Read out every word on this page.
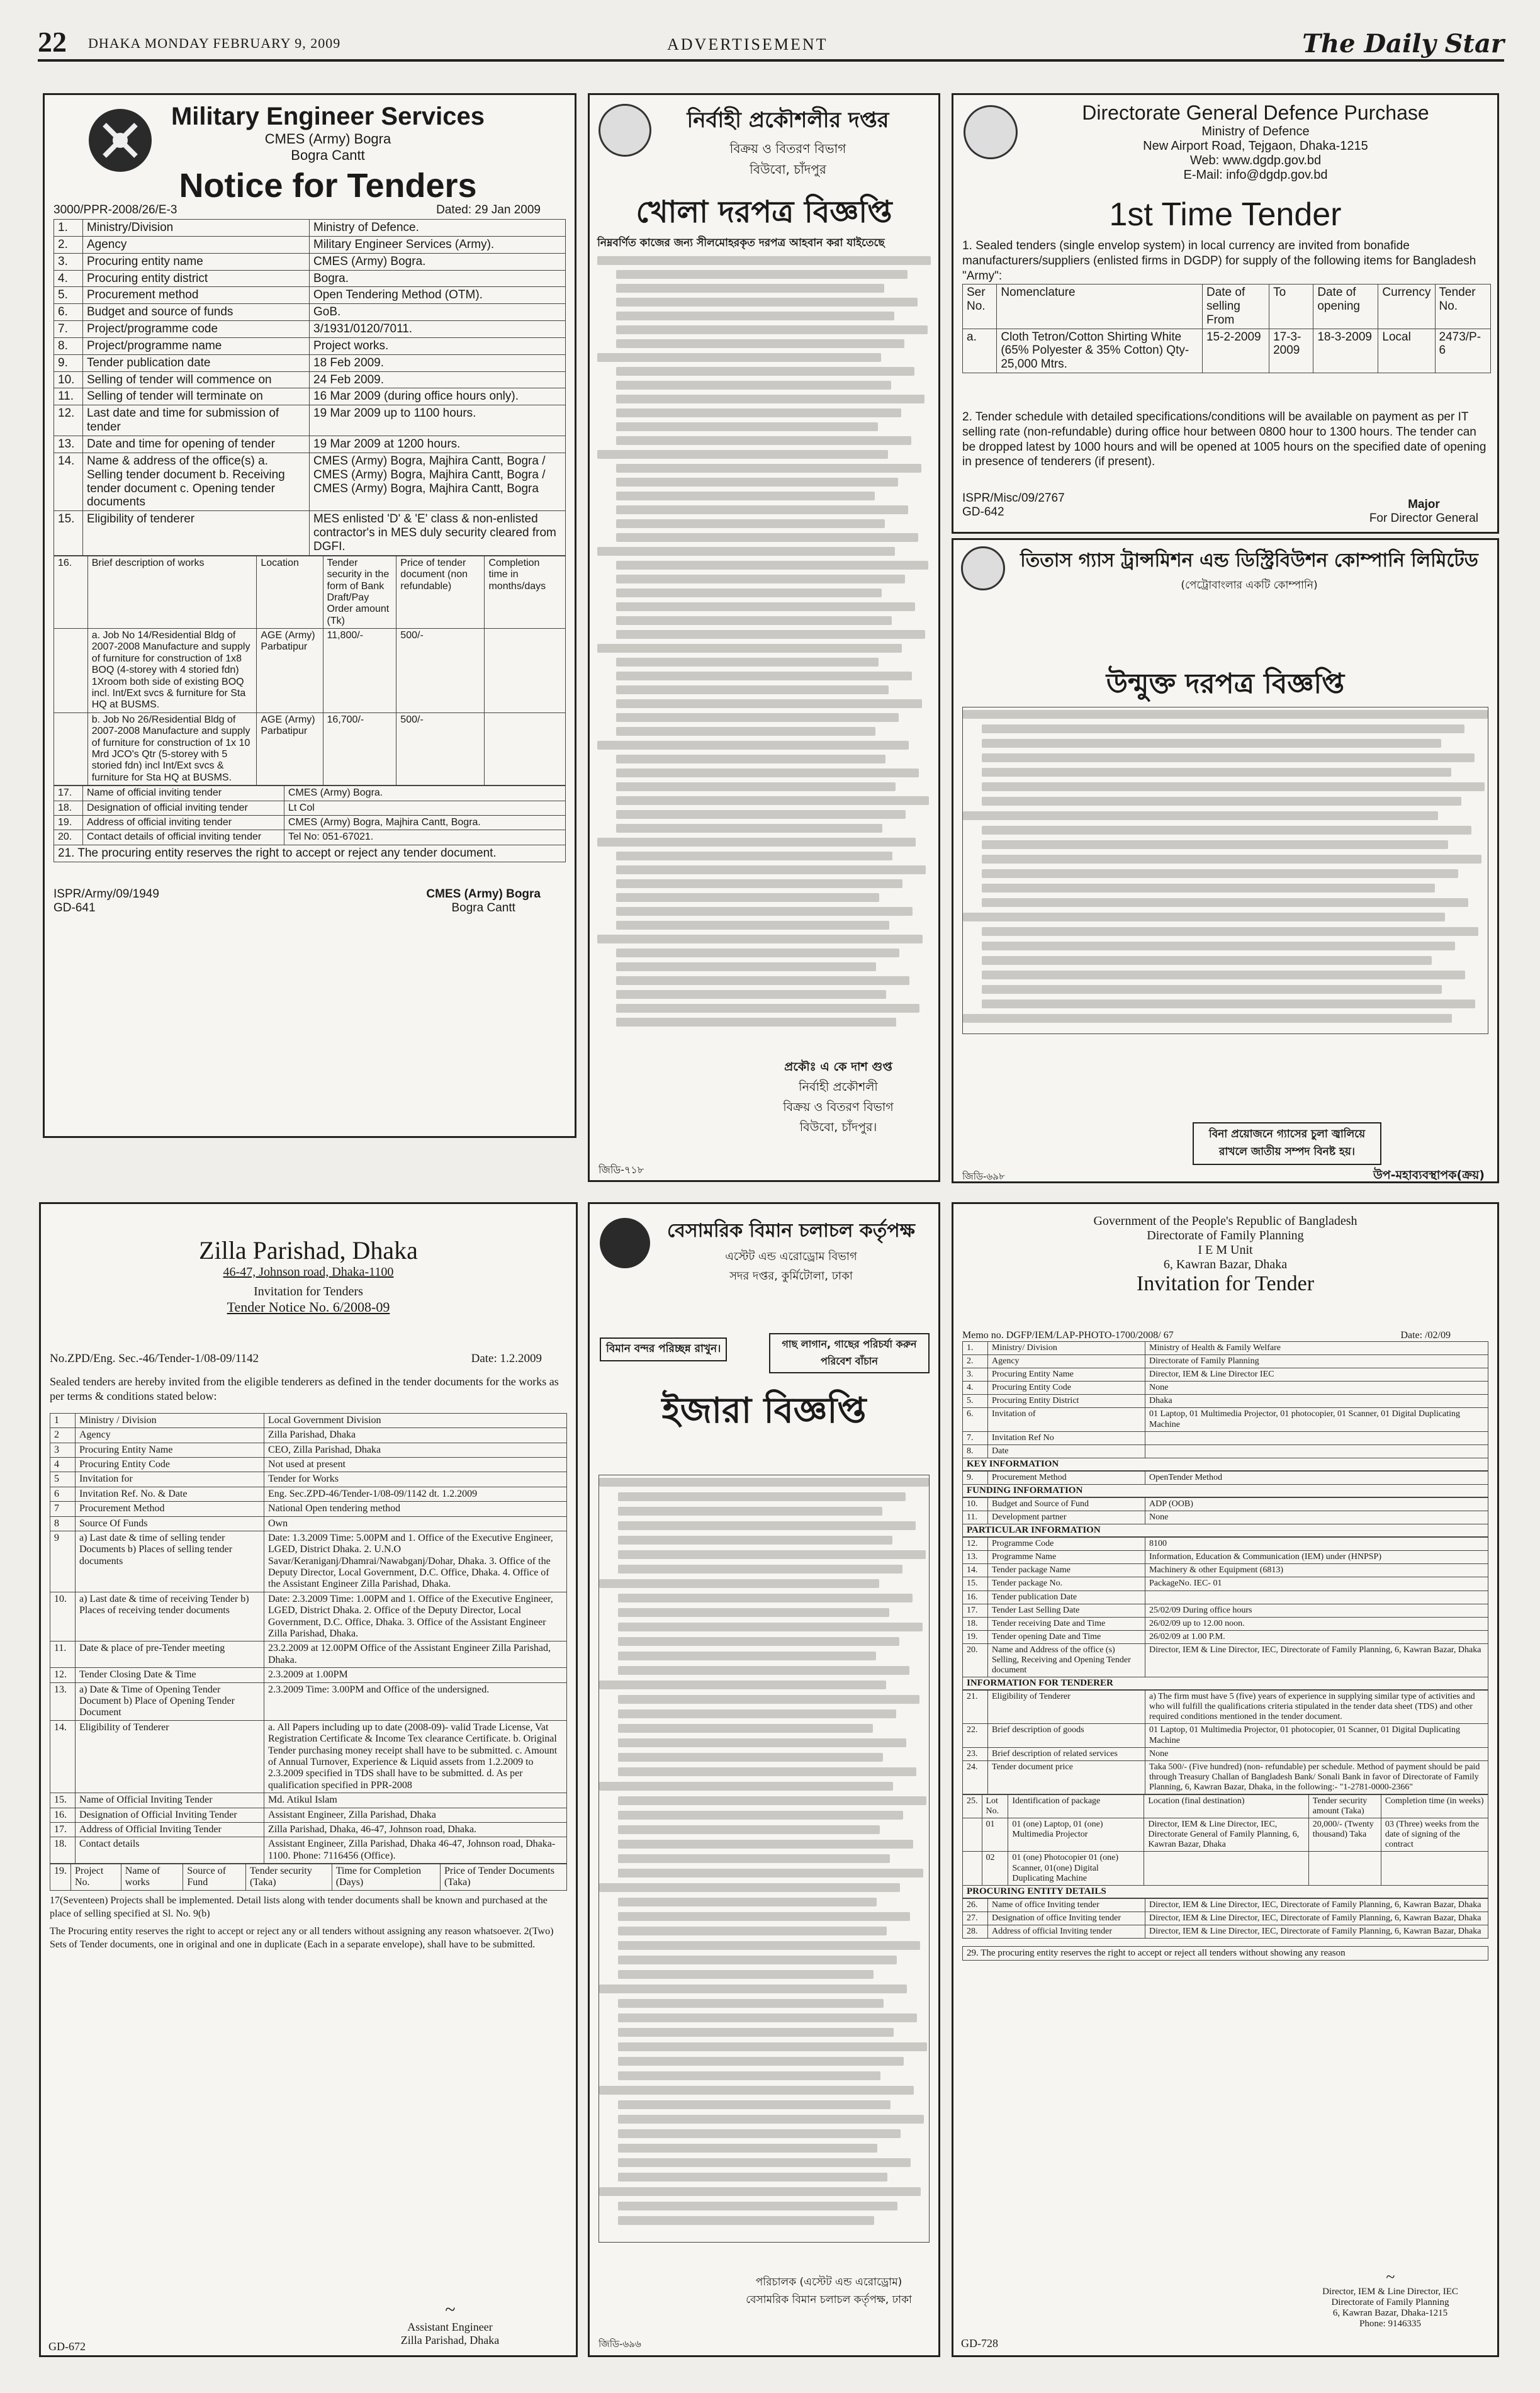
22 DHAKA MONDAY FEBRUARY 9, 2009	ADVERTISEMENT	The Daily Star
Military Engineer Services
CMES (Army) Bogra
Bogra Cantt
Notice for Tenders
3000/PPR-2008/26/E-3	Dated: 29 Jan 2009
1.	Ministry/Division	Ministry of Defence.
2.	Agency	Military Engineer Services (Army).
3.	Procuring entity name	CMES (Army) Bogra.
4.	Procuring entity district	Bogra.
5.	Procurement method	Open Tendering Method (OTM).
6.	Budget and source of funds	GoB.
7.	Project/programme code	3/1931/0120/7011.
8.	Project/programme name	Project works.
9.	Tender publication date	18 Feb 2009.
10.	Selling of tender will commence on	24 Feb 2009.
11.	Selling of tender will terminate on	16 Mar 2009 (during office hours only).
12.	Last date and time for submission of tender	19 Mar 2009 up to 1100 hours.
13.	Date and time for opening of tender	19 Mar 2009 at 1200 hours.
14.	Name & address of the office(s) a. Selling tender document b. Receiving tender document c. Opening tender documents	CMES (Army) Bogra, Majhira Cantt, Bogra / CMES (Army) Bogra, Majhira Cantt, Bogra / CMES (Army) Bogra, Majhira Cantt, Bogra
15.	Eligibility of tenderer	MES enlisted 'D' & 'E' class & non-enlisted contractor's in MES duly security cleared from DGFI.
16.	Brief description of works	Location	Tender security in the form of Bank Draft/Pay Order amount (Tk)	Price of tender document (non refundable)	Completion time in months/days
	a. Job No 14/Residential Bldg of 2007-2008 Manufacture and supply of furniture for construction of 1x8 BOQ (4-storey with 4 storied fdn) 1Xroom both side of existing BOQ incl. Int/Ext svcs & furniture for Sta HQ at BUSMS.	AGE (Army) Parbatipur	11,800/-	500/-	
	b. Job No 26/Residential Bldg of 2007-2008 Manufacture and supply of furniture for construction of 1x 10 Mrd JCO's Qtr (5-storey with 5 storied fdn) incl Int/Ext svcs & furniture for Sta HQ at BUSMS.	AGE (Army) Parbatipur	16,700/-	500/-	
17.	Name of official inviting tender	CMES (Army) Bogra.
18.	Designation of official inviting tender	Lt Col
19.	Address of official inviting tender	CMES (Army) Bogra, Majhira Cantt, Bogra.
20.	Contact details of official inviting tender	Tel No: 051-67021.
21. The procuring entity reserves the right to accept or reject any tender document.
ISPR/Army/09/1949
GD-641
CMES (Army) Bogra
Bogra Cantt
নির্বাহী প্রকৌশলীর দপ্তর
বিক্রয় ও বিতরণ বিভাগ
বিউবো, চাঁদপুর
খোলা দরপত্র বিজ্ঞপ্তি
নিম্নবর্ণিত কাজের জন্য সীলমোহরকৃত দরপত্র আহবান করা যাইতেছে
প্রকৌঃ এ কে দাশ গুপ্ত
নির্বাহী প্রকৌশলী
বিক্রয় ও বিতরণ বিভাগ
বিউবো, চাঁদপুর।
জিডি-৭১৮
Directorate General Defence Purchase
Ministry of Defence
New Airport Road, Tejgaon, Dhaka-1215
Web: www.dgdp.gov.bd
E-Mail: info@dgdp.gov.bd
1st Time Tender
1. Sealed tenders (single envelop system) in local currency are invited from bonafide manufacturers/suppliers (enlisted firms in DGDP) for supply of the following items for Bangladesh "Army":
Ser No.	Nomenclature	Date of selling From	To	Date of opening	Currency	Tender No.
a.	Cloth Tetron/Cotton Shirting White (65% Polyester & 35% Cotton) Qty-25,000 Mtrs.	15-2-2009	17-3-2009	18-3-2009	Local	2473/P-6
2. Tender schedule with detailed specifications/conditions will be available on payment as per IT selling rate (non-refundable) during office hour between 0800 hour to 1300 hours. The tender can be dropped latest by 1000 hours and will be opened at 1005 hours on the specified date of opening in presence of tenderers (if present).
ISPR/Misc/09/2767
GD-642
Major
For Director General
তিতাস গ্যাস ট্রান্সমিশন এন্ড ডিস্ট্রিবিউশন কোম্পানি লিমিটেড
(পেট্রোবাংলার একটি কোম্পানি)
উন্মুক্ত দরপত্র বিজ্ঞপ্তি
বিনা প্রয়োজনে গ্যাসের চুলা জ্বালিয়ে রাখলে জাতীয় সম্পদ বিনষ্ট হয়।
উপ-মহাব্যবস্থাপক(ক্রয়)
জিডি-৬৯৮
Zilla Parishad, Dhaka
46-47, Johnson road, Dhaka-1100
Invitation for Tenders
Tender Notice No. 6/2008-09
No.ZPD/Eng. Sec.-46/Tender-1/08-09/1142	Date: 1.2.2009
Sealed tenders are hereby invited from the eligible tenderers as defined in the tender documents for the works as per terms & conditions stated below:
1	Ministry / Division	Local Government Division
2	Agency	Zilla Parishad, Dhaka
3	Procuring Entity Name	CEO, Zilla Parishad, Dhaka
4	Procuring Entity Code	Not used at present
5	Invitation for	Tender for Works
6	Invitation Ref. No. & Date	Eng. Sec.ZPD-46/Tender-1/08-09/1142 dt. 1.2.2009
7	Procurement Method	National Open tendering method
8	Source Of Funds	Own
9	a) Last date & time of selling tender Documents b) Places of selling tender documents	Date: 1.3.2009 Time: 5.00PM and 1. Office of the Executive Engineer, LGED, District Dhaka. 2. U.N.O Savar/Keraniganj/Dhamrai/Nawabganj/Dohar, Dhaka. 3. Office of the Deputy Director, Local Government, D.C. Office, Dhaka. 4. Office of the Assistant Engineer Zilla Parishad, Dhaka.
10.	a) Last date & time of receiving Tender b) Places of receiving tender documents	Date: 2.3.2009 Time: 1.00PM and 1. Office of the Executive Engineer, LGED, District Dhaka. 2. Office of the Deputy Director, Local Government, D.C. Office, Dhaka. 3. Office of the Assistant Engineer Zilla Parishad, Dhaka.
11.	Date & place of pre-Tender meeting	23.2.2009 at 12.00PM Office of the Assistant Engineer Zilla Parishad, Dhaka.
12.	Tender Closing Date & Time	2.3.2009 at 1.00PM
13.	a) Date & Time of Opening Tender Document b) Place of Opening Tender Document	2.3.2009 Time: 3.00PM and Office of the undersigned.
14.	Eligibility of Tenderer	a. All Papers including up to date (2008-09)- valid Trade License, Vat Registration Certificate & Income Tex clearance Certificate. b. Original Tender purchasing money receipt shall have to be submitted. c. Amount of Annual Turnover, Experience & Liquid assets from 1.2.2009 to 2.3.2009 specified in TDS shall have to be submitted. d. As per qualification specified in PPR-2008
15.	Name of Official Inviting Tender	Md. Atikul Islam
16.	Designation of Official Inviting Tender	Assistant Engineer, Zilla Parishad, Dhaka
17.	Address of Official Inviting Tender	Zilla Parishad, Dhaka, 46-47, Johnson road, Dhaka.
18.	Contact details	Assistant Engineer, Zilla Parishad, Dhaka 46-47, Johnson road, Dhaka-1100. Phone: 7116456 (Office).
19.	Project No.	Name of works	Source of Fund	Tender security (Taka)	Time for Completion (Days)	Price of Tender Documents (Taka)
17(Seventeen) Projects shall be implemented. Detail lists along with tender documents shall be known and purchased at the place of selling specified at Sl. No. 9(b)
The Procuring entity reserves the right to accept or reject any or all tenders without assigning any reason whatsoever. 2(Two) Sets of Tender documents, one in original and one in duplicate (Each in a separate envelope), shall have to be submitted.
~
Assistant Engineer
Zilla Parishad, Dhaka
GD-672
বেসামরিক বিমান চলাচল কর্তৃপক্ষ
এস্টেট এন্ড এরোড্রোম বিভাগ
সদর দপ্তর, কুর্মিটোলা, ঢাকা
বিমান বন্দর পরিচ্ছন্ন রাখুন।	গাছ লাগান, গাছের পরিচর্যা করুন পরিবেশ বাঁচান
ইজারা বিজ্ঞপ্তি
পরিচালক (এস্টেট এন্ড এরোড্রোম)
বেসামরিক বিমান চলাচল কর্তৃপক্ষ, ঢাকা
জিডি-৬৯৬
Government of the People's Republic of Bangladesh
Directorate of Family Planning
I E M Unit
6, Kawran Bazar, Dhaka
Invitation for Tender
Memo no. DGFP/IEM/LAP-PHOTO-1700/2008/ 67	Date: /02/09
1.	Ministry/ Division	Ministry of Health & Family Welfare
2.	Agency	Directorate of Family Planning
3.	Procuring Entity Name	Director, IEM & Line Director IEC
4.	Procuring Entity Code	None
5.	Procuring Entity District	Dhaka
6.	Invitation of	01 Laptop, 01 Multimedia Projector, 01 photocopier, 01 Scanner, 01 Digital Duplicating Machine
7.	Invitation Ref No	
8.	Date	
KEY INFORMATION
9.	Procurement Method	OpenTender Method
FUNDING INFORMATION
10.	Budget and Source of Fund	ADP (OOB)
11.	Development partner	None
PARTICULAR INFORMATION
12.	Programme Code	8100
13.	Programme Name	Information, Education & Communication (IEM) under (HNPSP)
14.	Tender package Name	Machinery & other Equipment (6813)
15.	Tender package No.	PackageNo. IEC- 01
16.	Tender publication Date	
17.	Tender Last Selling Date	25/02/09 During office hours
18.	Tender receiving Date and Time	26/02/09 up to 12.00 noon.
19.	Tender opening Date and Time	26/02/09 at 1.00 P.M.
20.	Name and Address of the office (s) Selling, Receiving and Opening Tender document	Director, IEM & Line Director, IEC, Directorate of Family Planning, 6, Kawran Bazar, Dhaka
INFORMATION FOR TENDERER
21.	Eligibility of Tenderer	a) The firm must have 5 (five) years of experience in supplying similar type of activities and who will fulfill the qualifications criteria stipulated in the tender data sheet (TDS) and other required conditions mentioned in the tender document.
22.	Brief description of goods	01 Laptop, 01 Multimedia Projector, 01 photocopier, 01 Scanner, 01 Digital Duplicating Machine
23.	Brief description of related services	None
24.	Tender document price	Taka 500/- (Five hundred) (non- refundable) per schedule. Method of payment should be paid through Treasury Challan of Bangladesh Bank/ Sonali Bank in favor of Directorate of Family Planning, 6, Kawran Bazar, Dhaka, in the following:- "1-2781-0000-2366"
25.	Lot No.	Identification of package	Location (final destination)	Tender security amount (Taka)	Completion time (in weeks)
	01	01 (one) Laptop, 01 (one) Multimedia Projector	Director, IEM & Line Director, IEC, Directorate General of Family Planning, 6, Kawran Bazar, Dhaka	20,000/- (Twenty thousand) Taka	03 (Three) weeks from the date of signing of the contract
	02	01 (one) Photocopier 01 (one) Scanner, 01(one) Digital Duplicating Machine			
PROCURING ENTITY DETAILS
26.	Name of office Inviting tender	Director, IEM & Line Director, IEC, Directorate of Family Planning, 6, Kawran Bazar, Dhaka
27.	Designation of office Inviting tender	Director, IEM & Line Director, IEC, Directorate of Family Planning, 6, Kawran Bazar, Dhaka
28.	Address of official Inviting tender	Director, IEM & Line Director, IEC, Directorate of Family Planning, 6, Kawran Bazar, Dhaka
29. The procuring entity reserves the right to accept or reject all tenders without showing any reason
~
Director, IEM & Line Director, IEC
Directorate of Family Planning
6, Kawran Bazar, Dhaka-1215
Phone: 9146335
GD-728
